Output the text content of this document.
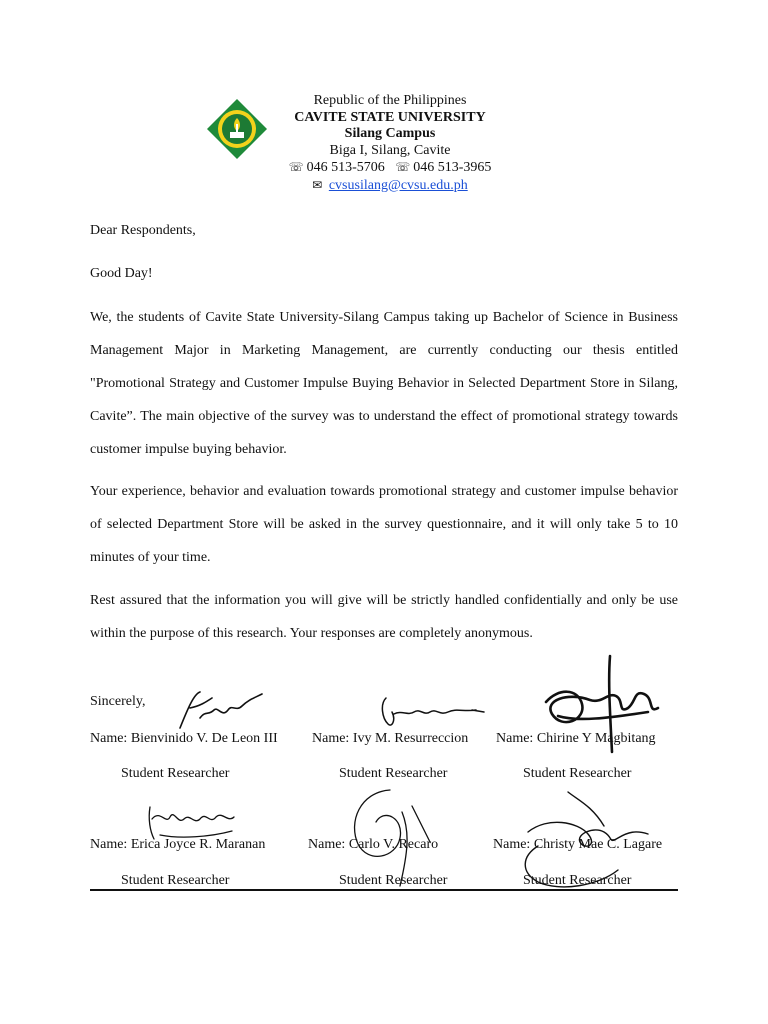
Republic of the Philippines
CAVITE STATE UNIVERSITY
Silang Campus
Biga I, Silang, Cavite
☏ 046 513-5706 ☏ 046 513-3965
✉ cvsusilang@cvsu.edu.ph
Dear Respondents,
Good Day!
We, the students of Cavite State University-Silang Campus taking up Bachelor of Science in Business Management Major in Marketing Management, are currently conducting our thesis entitled "Promotional Strategy and Customer Impulse Buying Behavior in Selected Department Store in Silang, Cavite”. The main objective of the survey was to understand the effect of promotional strategy towards customer impulse buying behavior.
Your experience, behavior and evaluation towards promotional strategy and customer impulse behavior of selected Department Store will be asked in the survey questionnaire, and it will only take 5 to 10 minutes of your time.
Rest assured that the information you will give will be strictly handled confidentially and only be use within the purpose of this research. Your responses are completely anonymous.
Sincerely,
Name: Bienvinido V. De Leon III Name: Ivy M. Resurreccion Name: Chirine Y Magbitang
Student Researcher	Student Researcher	Student Researcher
Name: Erica Joyce R. Maranan	Name: Carlo V. Recaro	Name: Christy Mae C. Lagare
Student Researcher	Student Researcher	Student Researcher
